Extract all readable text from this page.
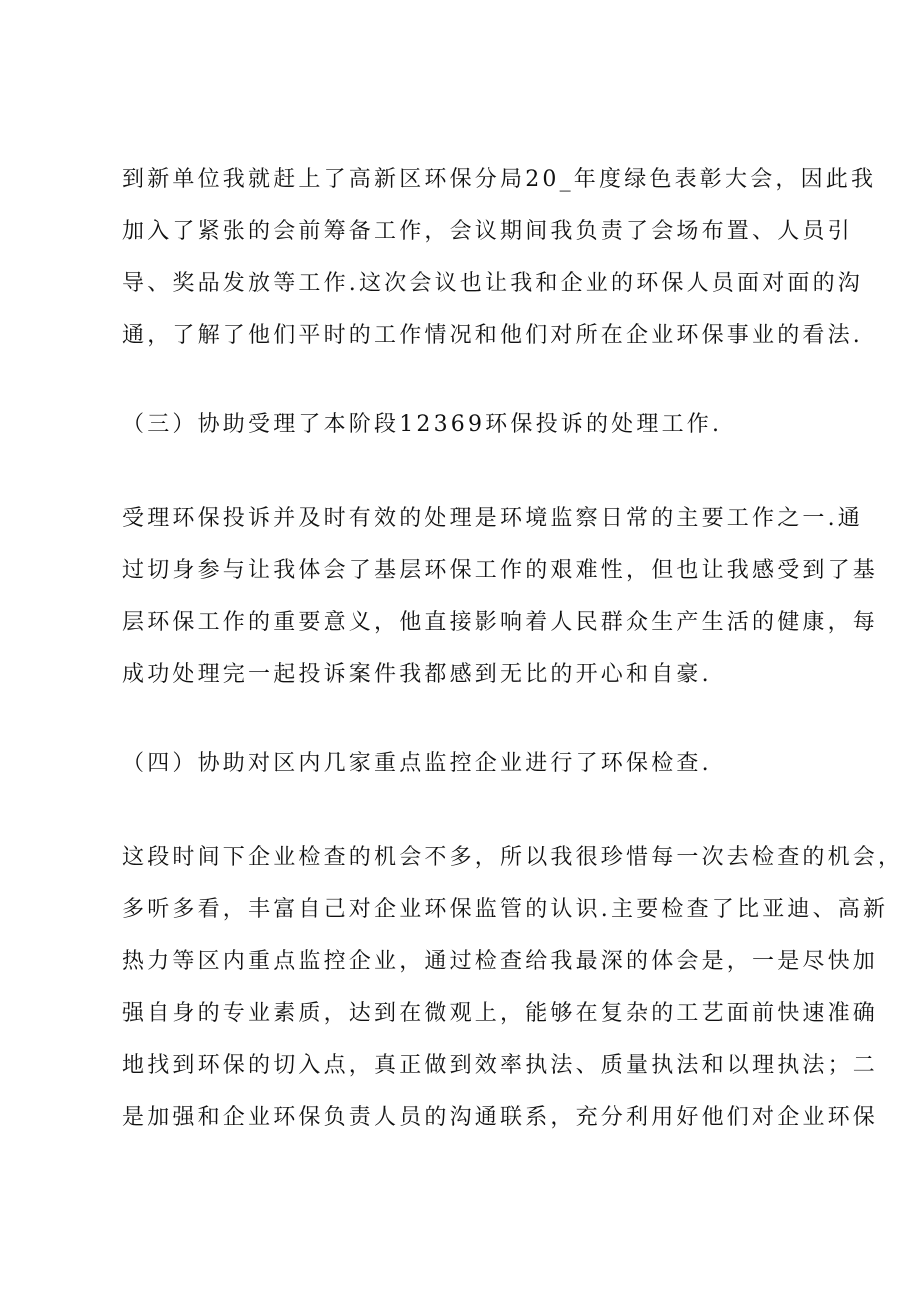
到新单位我就赶上了高新区环保分局20_年度绿色表彰大会，因此我

加入了紧张的会前筹备工作，会议期间我负责了会场布置、人员引

导、奖品发放等工作.这次会议也让我和企业的环保人员面对面的沟

通，了解了他们平时的工作情况和他们对所在企业环保事业的看法.

（三）协助受理了本阶段12369环保投诉的处理工作.

受理环保投诉并及时有效的处理是环境监察日常的主要工作之一.通

过切身参与让我体会了基层环保工作的艰难性，但也让我感受到了基

层环保工作的重要意义，他直接影响着人民群众生产生活的健康，每

成功处理完一起投诉案件我都感到无比的开心和自豪.

（四）协助对区内几家重点监控企业进行了环保检查.

这段时间下企业检查的机会不多，所以我很珍惜每一次去检查的机会，

多听多看，丰富自己对企业环保监管的认识.主要检查了比亚迪、高新

热力等区内重点监控企业，通过检查给我最深的体会是，一是尽快加

强自身的专业素质，达到在微观上，能够在复杂的工艺面前快速准确

地找到环保的切入点，真正做到效率执法、质量执法和以理执法；二

是加强和企业环保负责人员的沟通联系，充分利用好他们对企业环保
